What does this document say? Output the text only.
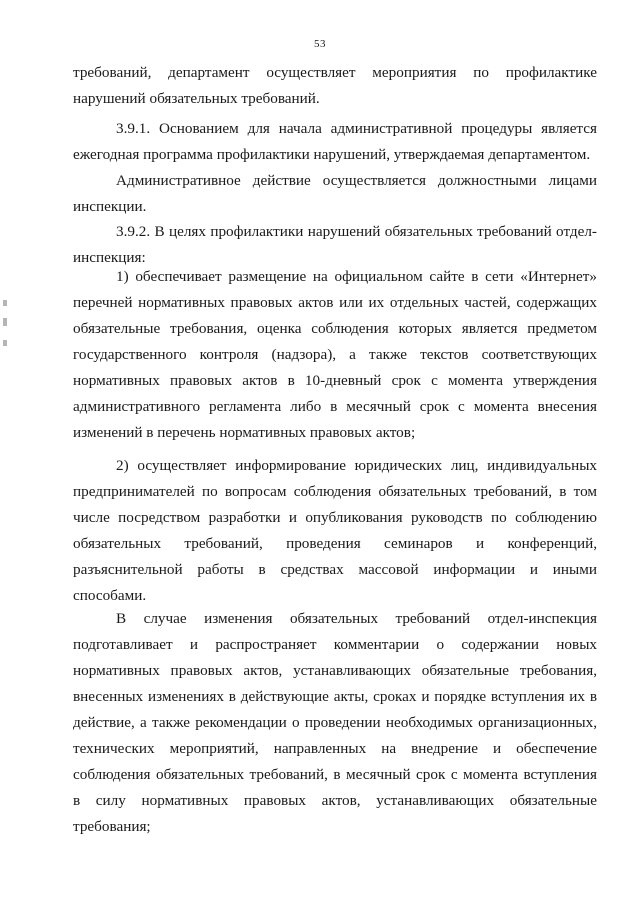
53

требований, департамент осуществляет мероприятия по профилактике
нарушений обязательных требований.

3.9.1. Основанием для начала административной процедуры является
ежегодная программа профилактики нарушений, утверждаемая департаментом.

Административное действие осуществляется должностными лицами
инспекции.

3.9.2. В целях профилактики нарушений обязательных требований отдел-
инспекция:

1) обеспечивает размещение на официальном сайте в сети «Интернет»
перечней нормативных правовых актов или их отдельных частей, содержащих
обязательные требования, оценка соблюдения которых является предметом
государственного контроля (надзора), а также текстов соответствующих
нормативных правовых актов в 10-дневный срок с момента утверждения
административного регламента либо в месячный срок с момента внесения
изменений в перечень нормативных правовых актов;

2) осуществляет информирование юридических лиц, индивидуальных
предпринимателей по вопросам соблюдения обязательных требований, в том
числе посредством разработки и опубликования руководств по соблюдению
обязательных требований, проведения семинаров и конференций,
разъяснительной работы в средствах массовой информации и иными
способами.

В случае изменения обязательных требований отдел-инспекция
подготавливает и распространяет комментарии о содержании новых
нормативных правовых актов, устанавливающих обязательные требования,
внесенных изменениях в действующие акты, сроках и порядке вступления их в
действие, а также рекомендации о проведении необходимых организационных,
технических мероприятий, направленных на внедрение и обеспечение
соблюдения обязательных требований, в месячный срок с момента вступления
в силу нормативных правовых актов, устанавливающих обязательные
требования;
